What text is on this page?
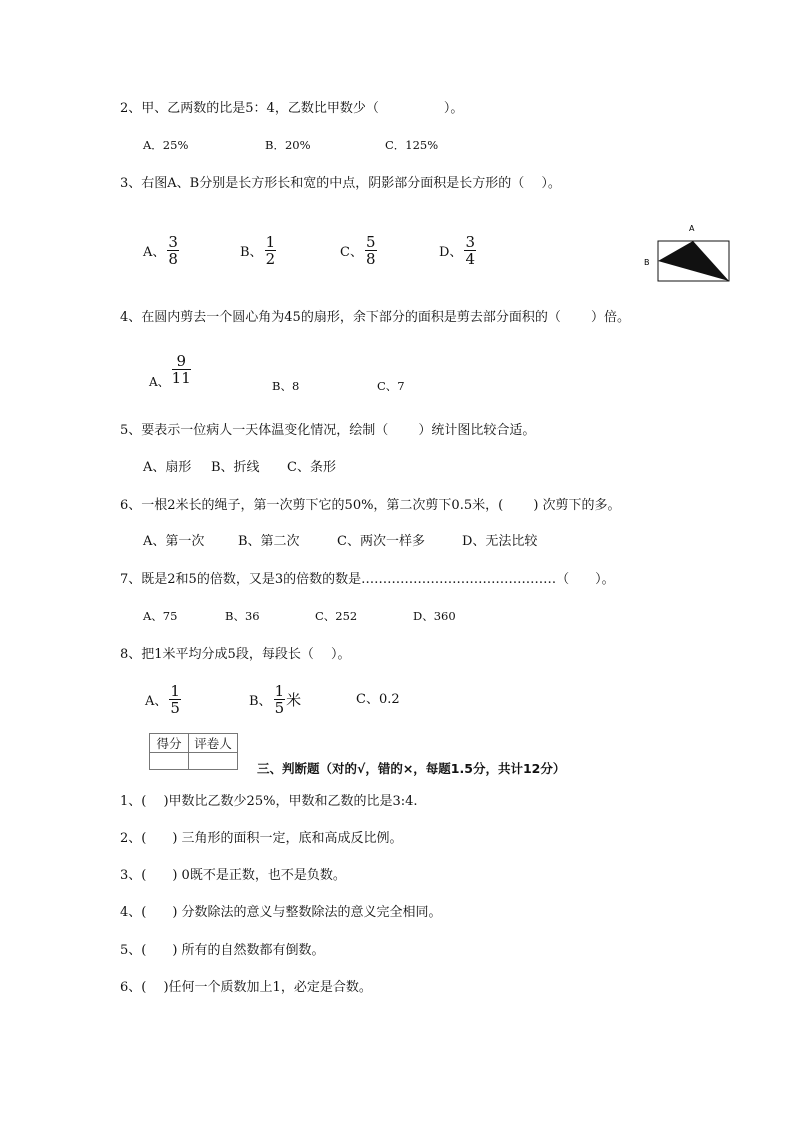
2、甲、乙两数的比是5：4，乙数比甲数少（　　　　　）。
A．25%	B．20%	C．125%
3、右图A、B分别是长方形长和宽的中点，阴影部分面积是长方形的（　 ）。
A、 $\frac{3}{8}$	B、 $\frac{1}{2}$	C、 $\frac{5}{8}$	D、 $\frac{3}{4}$
A
B
4、在圆内剪去一个圆心角为45的扇形，余下部分的面积是剪去部分面积的（　　 ）倍。
A、 $\frac{9}{11}$	B、8	C、7
5、要表示一位病人一天体温变化情况，绘制（　　 ）统计图比较合适。
A、扇形 B、折线 C、条形
6、一根2米长的绳子，第一次剪下它的50%，第二次剪下0.5米，(　　 ) 次剪下的多。
A、第一次	B、第二次	C、两次一样多	D、无法比较
7、既是2和5的倍数，又是3的倍数的数是………………………………………（　　）。
A、75	B、36	C、252	D、360
8、把1米平均分成5段，每段长（　 ）。
A、 $\frac{1}{5}$	B、 $\frac{1}{5}$ 米	C、0.2
得分	评卷人

三、判断题（对的√，错的×，每题1.5分，共计12分）
1、(　 )甲数比乙数少25%，甲数和乙数的比是3:4.
2、(　　) 三角形的面积一定，底和高成反比例。
3、(　　) 0既不是正数，也不是负数。
4、(　　) 分数除法的意义与整数除法的意义完全相同。
5、(　　) 所有的自然数都有倒数。
6、(　 )任何一个质数加上1，必定是合数。
